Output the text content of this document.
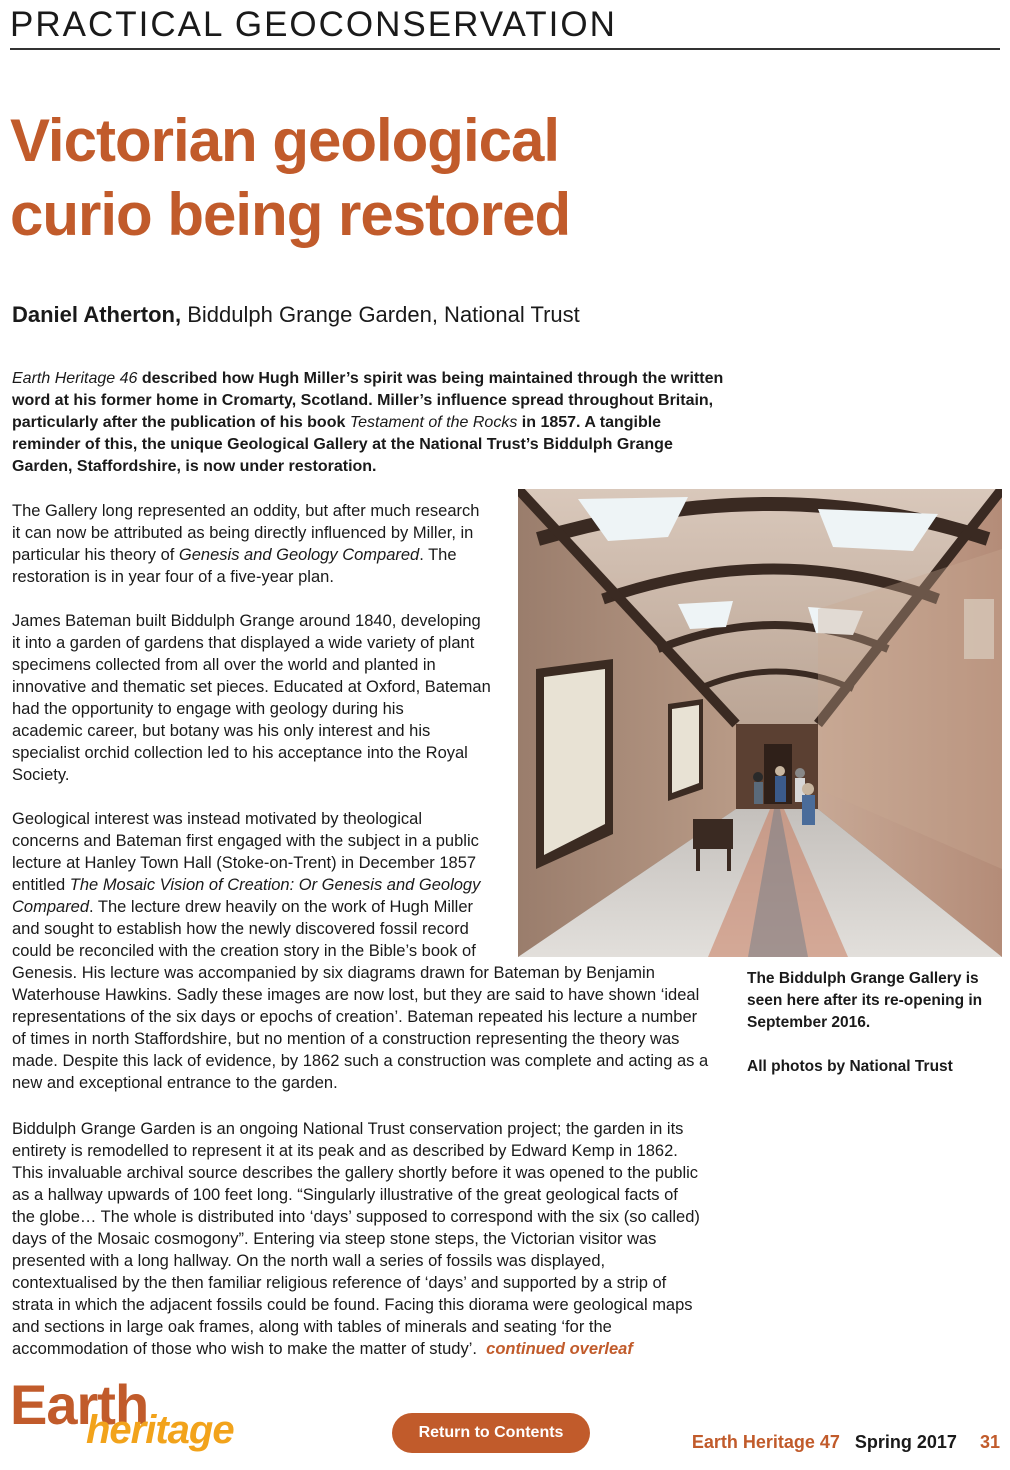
PRACTICAL GEOCONSERVATION
Victorian geological
curio being restored
Daniel Atherton, Biddulph Grange Garden, National Trust

Earth Heritage 46 described how Hugh Miller’s spirit was being maintained through the written word at his former home in Cromarty, Scotland. Miller’s influence spread throughout Britain, particularly after the publication of his book Testament of the Rocks in 1857. A tangible reminder of this, the unique Geological Gallery at the National Trust’s Biddulph Grange Garden, Staffordshire, is now under restoration.

The Gallery long represented an oddity, but after much research
it can now be attributed as being directly influenced by Miller, in
particular his theory of Genesis and Geology Compared. The
restoration is in year four of a five-year plan.

James Bateman built Biddulph Grange around 1840, developing
it into a garden of gardens that displayed a wide variety of plant
specimens collected from all over the world and planted in
innovative and thematic set pieces. Educated at Oxford, Bateman
had the opportunity to engage with geology during his
academic career, but botany was his only interest and his
specialist orchid collection led to his acceptance into the Royal
Society.

Geological interest was instead motivated by theological
concerns and Bateman first engaged with the subject in a public
lecture at Hanley Town Hall (Stoke-on-Trent) in December 1857
entitled The Mosaic Vision of Creation: Or Genesis and Geology
Compared. The lecture drew heavily on the work of Hugh Miller
and sought to establish how the newly discovered fossil record
could be reconciled with the creation story in the Bible’s book of
Genesis. His lecture was accompanied by six diagrams drawn for Bateman by Benjamin
Waterhouse Hawkins. Sadly these images are now lost, but they are said to have shown ‘ideal
representations of the six days or epochs of creation’. Bateman repeated his lecture a number
of times in north Staffordshire, but no mention of a construction representing the theory was
made. Despite this lack of evidence, by 1862 such a construction was complete and acting as a
new and exceptional entrance to the garden.

Biddulph Grange Garden is an ongoing National Trust conservation project; the garden in its
entirety is remodelled to represent it at its peak and as described by Edward Kemp in 1862.
This invaluable archival source describes the gallery shortly before it was opened to the public
as a hallway upwards of 100 feet long. “Singularly illustrative of the great geological facts of
the globe… The whole is distributed into ‘days’ supposed to correspond with the six (so called)
days of the Mosaic cosmogony”. Entering via steep stone steps, the Victorian visitor was
presented with a long hallway. On the north wall a series of fossils was displayed,
contextualised by the then familiar religious reference of ‘days’ and supported by a strip of
strata in which the adjacent fossils could be found. Facing this diorama were geological maps
and sections in large oak frames, along with tables of minerals and seating ‘for the
accommodation of those who wish to make the matter of study’. continued overleaf

The Biddulph Grange Gallery is seen here after its re-opening in September 2016.

All photos by National Trust

Earth
heritage	Return to Contents	Earth Heritage 47 Spring 2017 31
